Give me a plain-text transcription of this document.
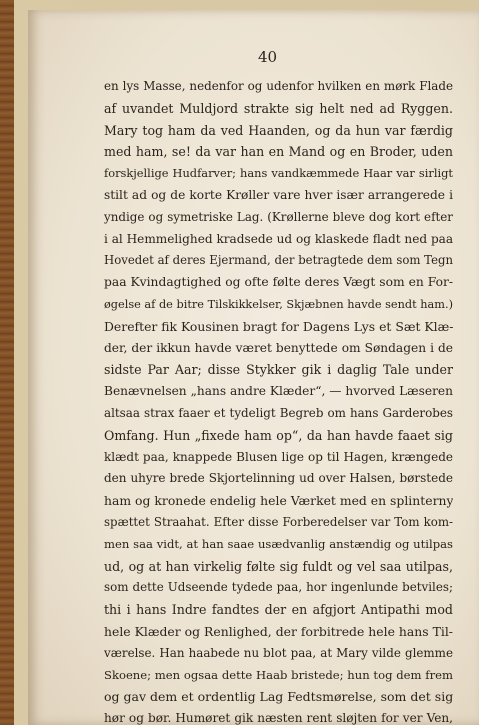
40
en lys Masse, nedenfor og udenfor hvilken en mørk Flade
af uvandet Muldjord strakte sig helt ned ad Ryggen.
Mary tog ham da ved Haanden, og da hun var færdig
med ham, se! da var han en Mand og en Broder, uden
forskjellige Hudfarver; hans vandkæmmede Haar var sirligt
stilt ad og de korte Krøller vare hver især arrangerede i
yndige og symetriske Lag. (Krøllerne bleve dog kort efter
i al Hemmelighed kradsede ud og klaskede fladt ned paa
Hovedet af deres Ejermand, der betragtede dem som Tegn
paa Kvindagtighed og ofte følte deres Vægt som en For-
øgelse af de bitre Tilskikkelser, Skjæbnen havde sendt ham.)
Derefter fik Kousinen bragt for Dagens Lys et Sæt Klæ-
der, der ikkun havde været benyttede om Søndagen i de
sidste Par Aar; disse Stykker gik i daglig Tale under
Benævnelsen „hans andre Klæder“, — hvorved Læseren
altsaa strax faaer et tydeligt Begreb om hans Garderobes
Omfang. Hun „fixede ham op“, da han havde faaet sig
klædt paa, knappede Blusen lige op til Hagen, krængede
den uhyre brede Skjortelinning ud over Halsen, børstede
ham og kronede endelig hele Værket med en splinterny
spættet Straahat. Efter disse Forberedelser var Tom kom-
men saa vidt, at han saae usædvanlig anstændig og utilpas
ud, og at han virkelig følte sig fuldt og vel saa utilpas,
som dette Udseende tydede paa, hor ingenlunde betviles;
thi i hans Indre fandtes der en afgjort Antipathi mod
hele Klæder og Renlighed, der forbitrede hele hans Til-
værelse. Han haabede nu blot paa, at Mary vilde glemme
Skoene; men ogsaa dette Haab bristede; hun tog dem frem
og gav dem et ordentlig Lag Fedtsmørelse, som det sig
hør og bør. Humøret gik næsten rent sløjten for ver Ven,
